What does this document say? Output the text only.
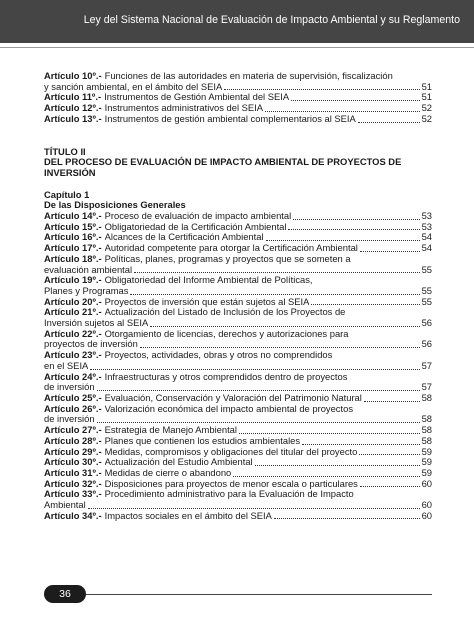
Ley del Sistema Nacional de Evaluación de Impacto Ambiental y su Reglamento
Artículo 10º.- Funciones de las autoridades en materia de supervisión, fiscalización
y sanción ambiental, en el ámbito del SEIA	51
Artículo 11º.- Instrumentos de Gestión Ambiental del SEIA	51
Artículo 12º.- Instrumentos administrativos del SEIA	52
Artículo 13º.- Instrumentos de gestión ambiental complementarios al SEIA	52
TÍTULO II
DEL PROCESO DE EVALUACIÓN DE IMPACTO AMBIENTAL DE PROYECTOS DE
INVERSIÓN
Capítulo 1
De las Disposiciones Generales
Artículo 14º.- Proceso de evaluación de impacto ambiental	53
Artículo 15º.- Obligatoriedad de la Certificación Ambiental	53
Artículo 16º.- Alcances de la Certificación Ambiental	54
Artículo 17º.- Autoridad competente para otorgar la Certificación Ambiental	54
Artículo 18º.- Políticas, planes, programas y proyectos que se someten a
evaluación ambiental	55
Artículo 19º.- Obligatoriedad del Informe Ambiental de Políticas,
Planes y Programas	55
Artículo 20º.- Proyectos de inversión que están sujetos al SEIA	55
Artículo 21º.- Actualización del Listado de Inclusión de los Proyectos de
Inversión sujetos al SEIA	56
Artículo 22º.- Otorgamiento de licencias, derechos y autorizaciones para
proyectos de inversión	56
Artículo 23º.- Proyectos, actividades, obras y otros no comprendidos
en el SEIA	57
Artículo 24º.- Infraestructuras y otros comprendidos dentro de proyectos
de inversión	57
Artículo 25º.- Evaluación, Conservación y Valoración del Patrimonio Natural	58
Artículo 26º.- Valorización económica del impacto ambiental de proyectos
de inversión	58
Artículo 27º.- Estrategia de Manejo Ambiental	58
Artículo 28º.- Planes que contienen los estudios ambientales	58
Artículo 29º.- Medidas, compromisos y obligaciones del titular del proyecto	59
Artículo 30º.- Actualización del Estudio Ambiental	59
Artículo 31º.- Medidas de cierre o abandono	59
Artículo 32º.- Disposiciones para proyectos de menor escala o particulares	60
Artículo 33º.- Procedimiento administrativo para la Evaluación de Impacto
Ambiental	60
Artículo 34º.- Impactos sociales en el ámbito del SEIA	60
36
